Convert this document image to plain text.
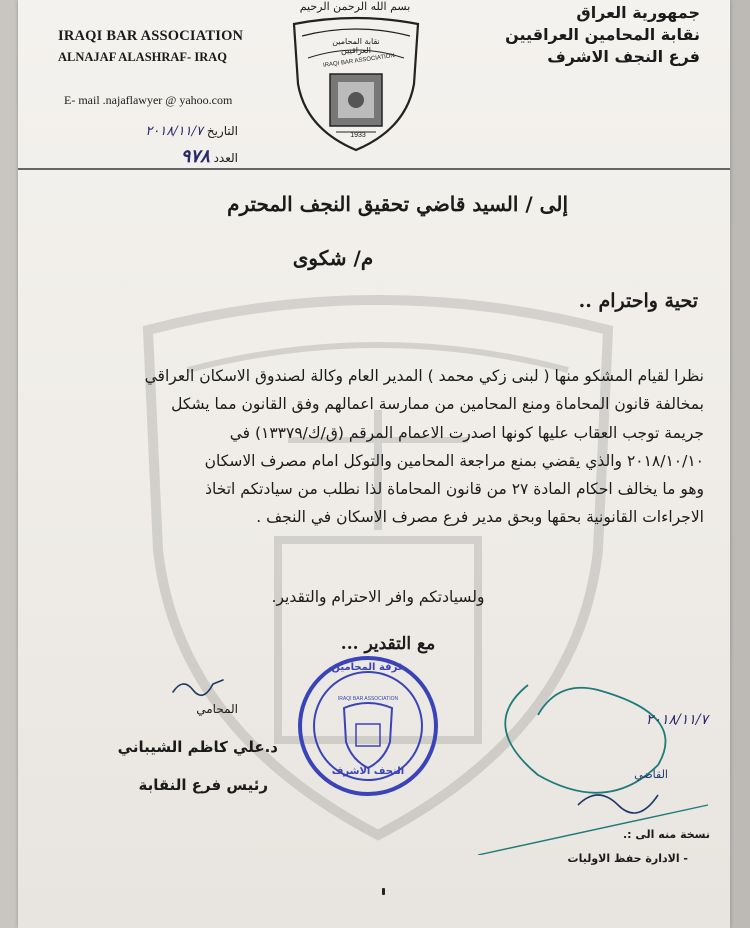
IRAQI BAR ASSOCIATION
ALNAJAF ALASHRAF- IRAQ
E- mail .najaflawyer @ yahoo.com
جمهورية العراق
نقابة المحامين العراقيين
فرع النجف الاشرف
بسم الله الرحمن الرحيم
نقابة المحامين العراقيين
IRAQI BAR ASSOCIATION
1933
التاريخ ٢٠١٨/١١/٧
العدد ٩٧٨
إلى / السيد قاضي تحقيق النجف المحترم
م/ شكوى
تحية واحترام ..
نظرا لقيام المشكو منها ( لبنى زكي محمد ) المدير العام وكالة لصندوق الاسكان العراقي
بمخالفة قانون المحاماة ومنع المحامين من ممارسة اعمالهم وفق القانون مما يشكل
جريمة توجب العقاب عليها كونها اصدرت الاعمام المرقم (ق/ك/١٣٣٧٩) في
٢٠١٨/١٠/١٠ والذي يقضي بمنع مراجعة المحامين والتوكل امام مصرف الاسكان
وهو ما يخالف احكام المادة ٢٧ من قانون المحاماة لذا نطلب من سيادتكم اتخاذ
الاجراءات القانونية بحقها وبحق مدير فرع مصرف الاسكان في النجف .
ولسيادتكم وافر الاحترام والتقدير.
مع التقدير ...
المحامي
د.علي كاظم الشيباني
رئيس فرع النقابة
غرفة المحامين
IRAQI BAR ASSOCIATION
النجف الاشرف
٢٠١٨/١١/٧
القاضي
نسخة منه الى :.
- الادارة حفظ الاوليات
